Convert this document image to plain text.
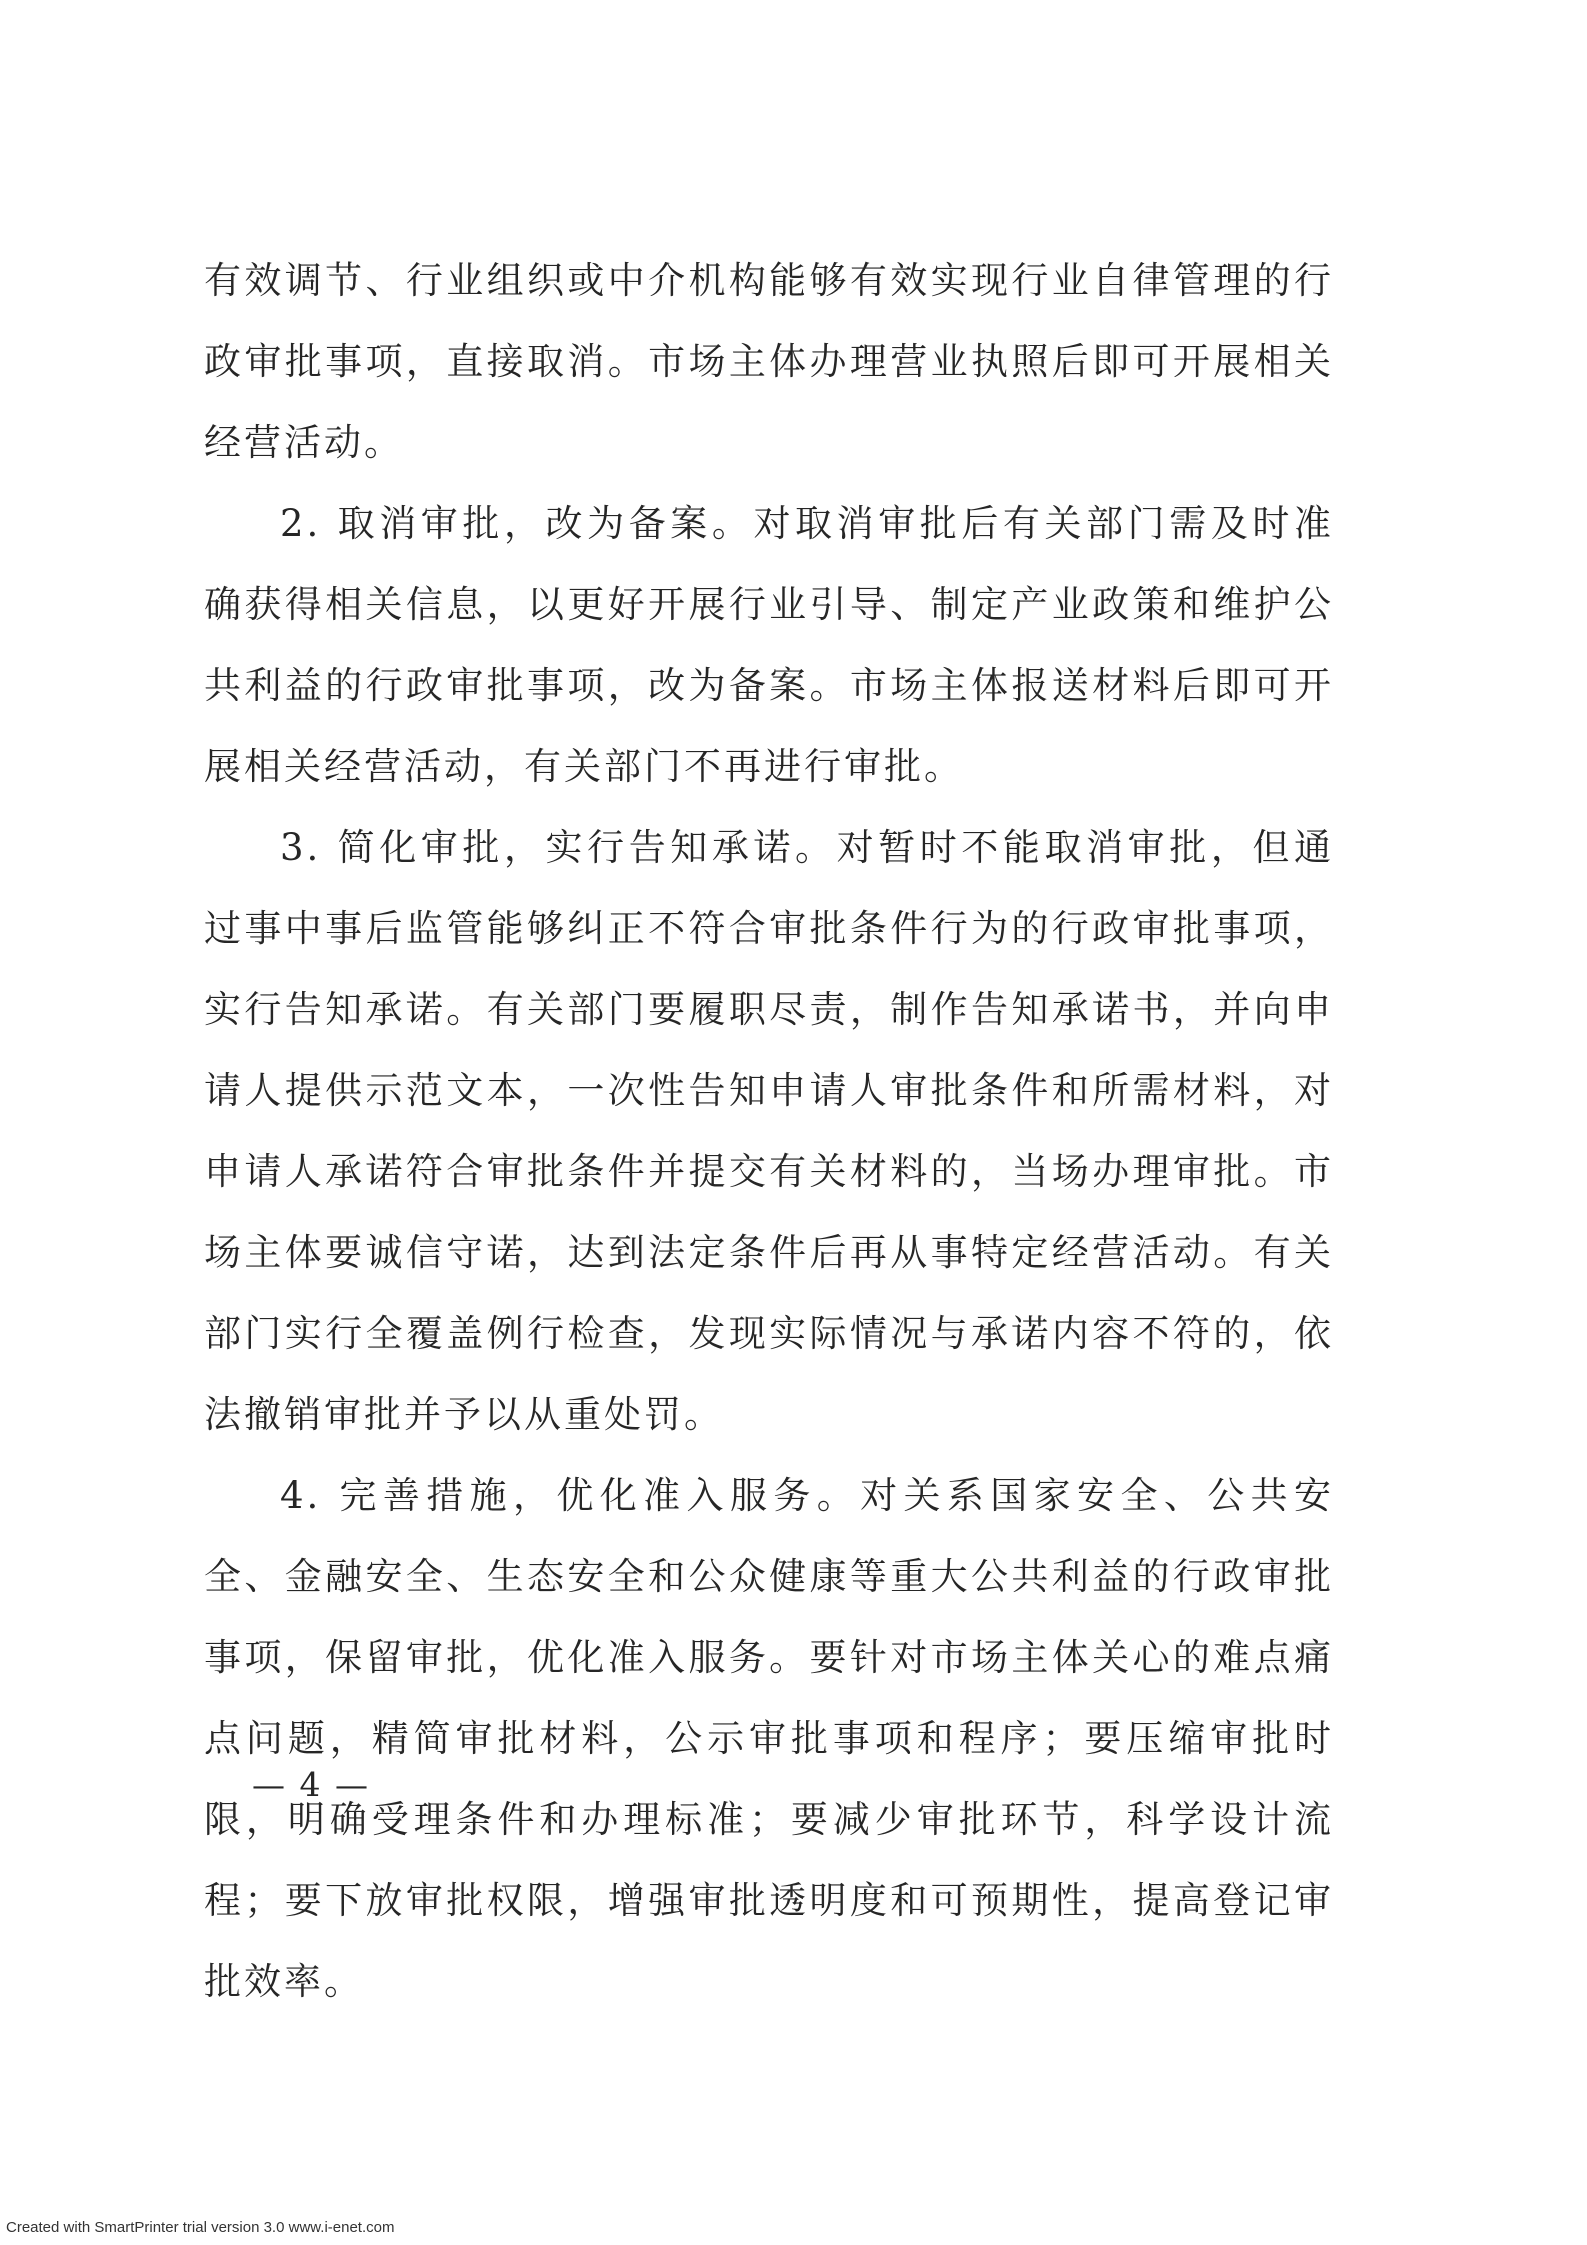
有效调节、行业组织或中介机构能够有效实现行业自律管理的行政审批事项，直接取消。市场主体办理营业执照后即可开展相关经营活动。

2. 取消审批，改为备案。对取消审批后有关部门需及时准确获得相关信息，以更好开展行业引导、制定产业政策和维护公共利益的行政审批事项，改为备案。市场主体报送材料后即可开展相关经营活动，有关部门不再进行审批。

3. 简化审批，实行告知承诺。对暂时不能取消审批，但通过事中事后监管能够纠正不符合审批条件行为的行政审批事项，实行告知承诺。有关部门要履职尽责，制作告知承诺书，并向申请人提供示范文本，一次性告知申请人审批条件和所需材料，对申请人承诺符合审批条件并提交有关材料的，当场办理审批。市场主体要诚信守诺，达到法定条件后再从事特定经营活动。有关部门实行全覆盖例行检查，发现实际情况与承诺内容不符的，依法撤销审批并予以从重处罚。

4. 完善措施，优化准入服务。对关系国家安全、公共安全、金融安全、生态安全和公众健康等重大公共利益的行政审批事项，保留审批，优化准入服务。要针对市场主体关心的难点痛点问题，精简审批材料，公示审批事项和程序；要压缩审批时限，明确受理条件和办理标准；要减少审批环节，科学设计流程；要下放审批权限，增强审批透明度和可预期性，提高登记审批效率。

— 4 —
Created with SmartPrinter trial version 3.0 www.i-enet.com
